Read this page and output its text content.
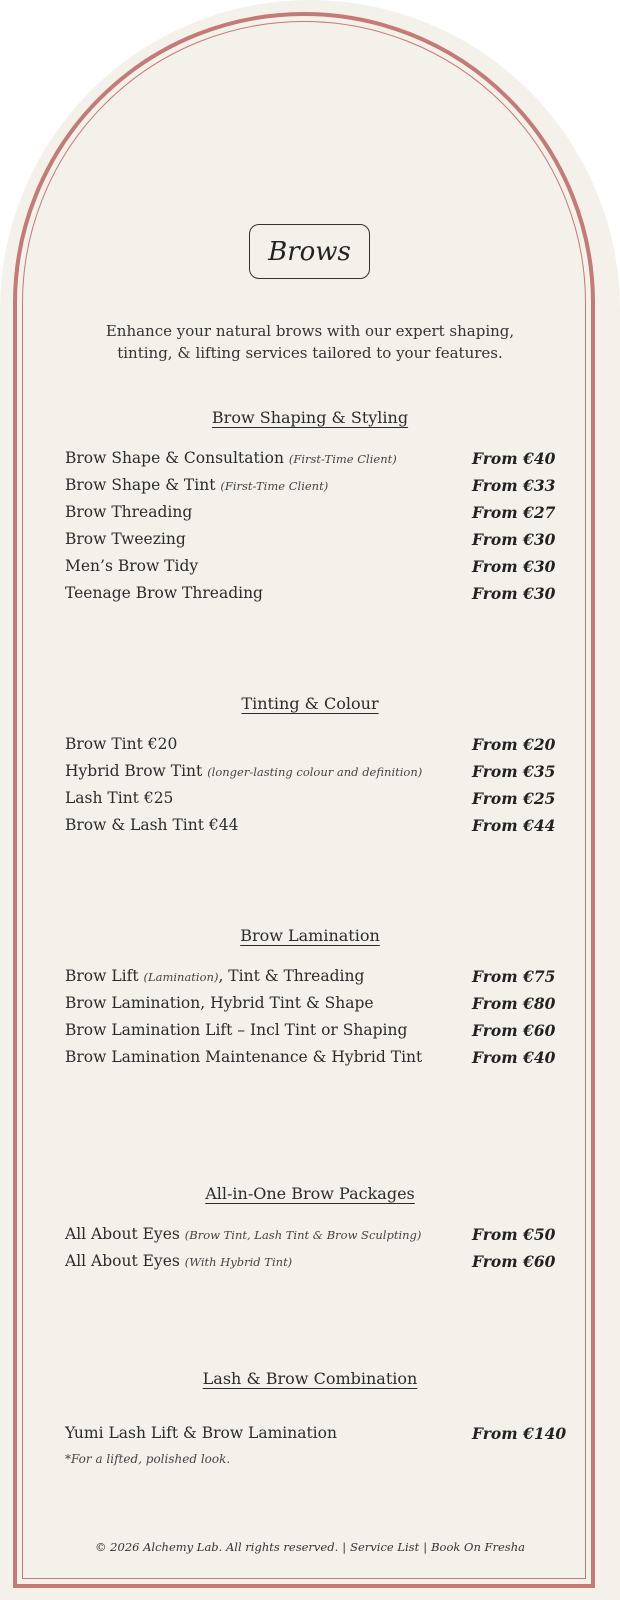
Brows
Enhance your natural brows with our expert shaping,
tinting, & lifting services tailored to your features.
Brow Shaping & Styling
Brow Shape & Consultation (First-Time Client)	From €40
Brow Shape & Tint (First-Time Client)	From €33
Brow Threading	From €27
Brow Tweezing	From €30
Men’s Brow Tidy	From €30
Teenage Brow Threading	From €30
Tinting & Colour
Brow Tint €20	From €20
Hybrid Brow Tint (longer-lasting colour and definition)	From €35
Lash Tint €25	From €25
Brow & Lash Tint €44	From €44
Brow Lamination
Brow Lift (Lamination), Tint & Threading	From €75
Brow Lamination, Hybrid Tint & Shape	From €80
Brow Lamination Lift – Incl Tint or Shaping	From €60
Brow Lamination Maintenance & Hybrid Tint	From €40
All-in-One Brow Packages
All About Eyes (Brow Tint, Lash Tint & Brow Sculpting)	From €50
All About Eyes (With Hybrid Tint)	From €60
Lash & Brow Combination
Yumi Lash Lift & Brow Lamination	From €140
*For a lifted, polished look.
© 2026 Alchemy Lab. All rights reserved. | Service List | Book On Fresha
